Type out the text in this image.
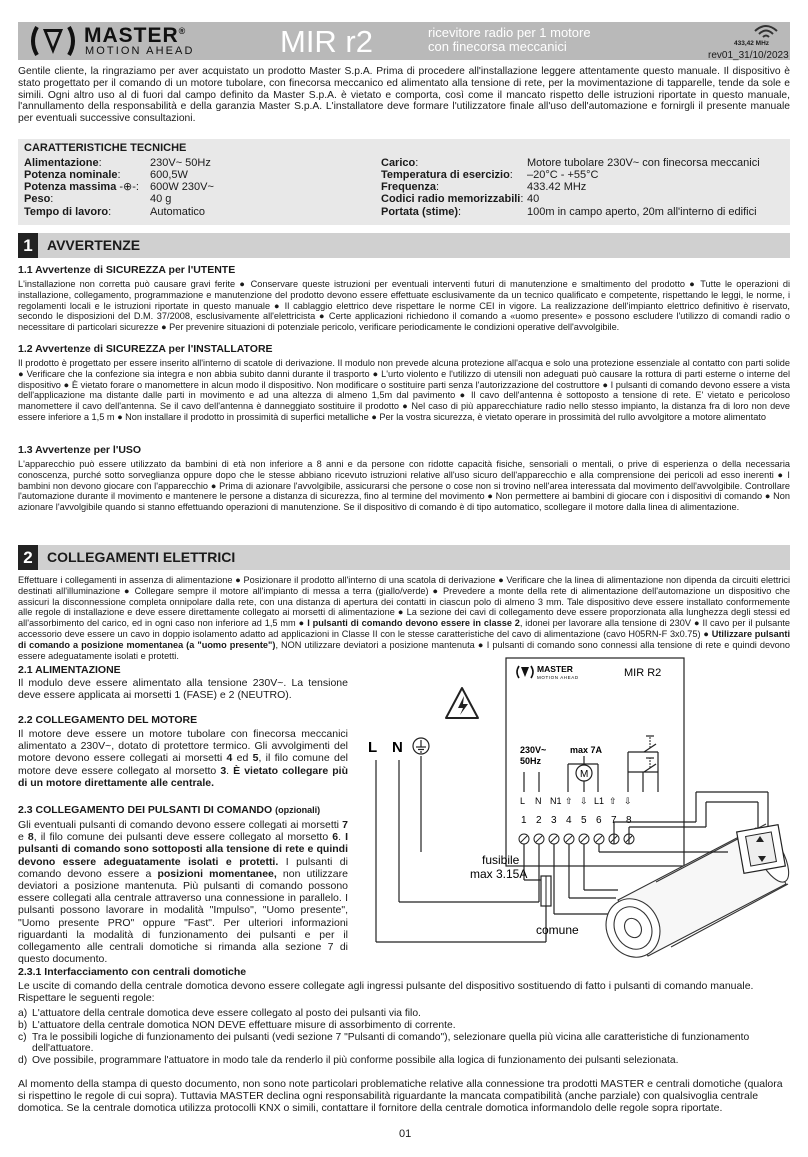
MASTER®
MOTION AHEAD	MIR r2	ricevitore radio per 1 motore
con finecorsa meccanici	433,42 MHz
rev01_31/10/2023
Gentile cliente, la ringraziamo per aver acquistato un prodotto Master S.p.A. Prima di procedere all'installazione leggere attentamente questo manuale. Il dispositivo è stato progettato per il comando di un motore tubolare, con finecorsa meccanico ed alimentato alla tensione di rete, per la movimentazione di tapparelle, tende da sole e simili. Ogni altro uso al di fuori dal campo definito da Master S.p.A. è vietato e comporta, così come il mancato rispetto delle istruzioni riportate in questo manuale, l'annullamento della responsabilità e della garanzia Master S.p.A. L'installatore deve formare l'utilizzatore finale all'uso dell'automazione e fornirgli il presente manuale per eventuali successive consultazioni.
CARATTERISTICHE TECNICHE
Alimentazione:	230V~ 50Hz
Potenza nominale:	600,5W
Potenza massima -⊕-: 600W 230V~
Peso:	40 g
Tempo di lavoro:	Automatico
Carico:	Motore tubolare 230V~ con finecorsa meccanici
Temperatura di esercizio: –20°C - +55°C
Frequenza:	433.42 MHz
Codici radio memorizzabili: 40
Portata (stime):	100m in campo aperto, 20m all'interno di edifici
1	AVVERTENZE
1.1 Avvertenze di SICUREZZA per l'UTENTE
L'installazione non corretta può causare gravi ferite ● Conservare queste istruzioni per eventuali interventi futuri di manutenzione e smaltimento del prodotto ● Tutte le operazioni di installazione, collegamento, programmazione e manutenzione del prodotto devono essere effettuate esclusivamente da un tecnico qualificato e competente, rispettando le leggi, le norme, i regolamenti locali e le istruzioni riportate in questo manuale ● Il cablaggio elettrico deve rispettare le norme CEI in vigore. La realizzazione dell'impianto elettrico definitivo è riservato, secondo le disposizioni del D.M. 37/2008, esclusivamente all'elettricista ● Certe applicazioni richiedono il comando a «uomo presente» e possono escludere l'utilizzo di comandi radio o necessitare di particolari sicurezze ● Per prevenire situazioni di potenziale pericolo, verificare periodicamente le condizioni operative dell'avvolgibile.
1.2 Avvertenze di SICUREZZA per l'INSTALLATORE
Il prodotto è progettato per essere inserito all'interno di scatole di derivazione. Il modulo non prevede alcuna protezione all'acqua e solo una protezione essenziale al contatto con parti solide ● Verificare che la confezione sia integra e non abbia subito danni durante il trasporto ● L'urto violento e l'utilizzo di utensili non adeguati può causare la rottura di parti esterne o interne del dispositivo ● È vietato forare o manomettere in alcun modo il dispositivo. Non modificare o sostituire parti senza l'autorizzazione del costruttore ● I pulsanti di comando devono essere a vista dell'applicazione ma distante dalle parti in movimento e ad una altezza di almeno 1,5m dal pavimento ● Il cavo dell'antenna è sottoposto a tensione di rete. E' vietato e pericoloso manomettere il cavo dell'antenna. Se il cavo dell'antenna è danneggiato sostituire il prodotto ● Nel caso di più apparecchiature radio nello stesso impianto, la distanza fra di loro non deve essere inferiore a 1,5 m ● Non installare il prodotto in prossimità di superfici metalliche ● Per la vostra sicurezza, è vietato operare in prossimità del rullo avvolgitore a motore alimentato
1.3 Avvertenze per l'USO
L'apparecchio può essere utilizzato da bambini di età non inferiore a 8 anni e da persone con ridotte capacità fisiche, sensoriali o mentali, o prive di esperienza o della necessaria conoscenza, purché sotto sorveglianza oppure dopo che le stesse abbiano ricevuto istruzioni relative all'uso sicuro dell'apparecchio e alla comprensione dei pericoli ad esso inerenti ● I bambini non devono giocare con l'apparecchio ● Prima di azionare l'avvolgibile, assicurarsi che persone o cose non si trovino nell'area interessata dal movimento dell'avvolgibile. Controllare l'automazione durante il movimento e mantenere le persone a distanza di sicurezza, fino al termine del movimento ● Non permettere ai bambini di giocare con i dispositivi di comando ● Non azionare l'avvolgibile quando si stanno effettuando operazioni di manutenzione. Se il dispositivo di comando è di tipo automatico, scollegare il motore dalla linea di alimentazione.
2	COLLEGAMENTI ELETTRICI
Effettuare i collegamenti in assenza di alimentazione ● Posizionare il prodotto all'interno di una scatola di derivazione ● Verificare che la linea di alimentazione non dipenda da circuiti elettrici destinati all'illuminazione ● Collegare sempre il motore all'impianto di messa a terra (giallo/verde) ● Prevedere a monte della rete di alimentazione dell'automazione un dispositivo che assicuri la disconnessione completa onnipolare dalla rete, con una distanza di apertura dei contatti in ciascun polo di almeno 3 mm. Tale dispositivo deve essere installato conformemente alle regole di installazione e deve essere direttamente collegato ai morsetti di alimentazione ● La sezione dei cavi di collegamento deve essere proporzionata alla lunghezza degli stessi ed all'assorbimento del carico, ed in ogni caso non inferiore ad 1,5 mm ● I pulsanti di comando devono essere in classe 2, idonei per lavorare alla tensione di 230V ● Il cavo per il pulsante accessorio deve essere un cavo in doppio isolamento adatto ad applicazioni in Classe II con le stesse caratteristiche del cavo di alimentazione (cavo H05RN-F 3x0.75) ● Utilizzare pulsanti di comando a posizione momentanea (a "uomo presente"), NON utilizzare deviatori a posizione mantenuta ● I pulsanti di comando sono connessi alla tensione di rete e quindi devono essere adeguatamente isolati e protetti.
2.1 ALIMENTAZIONE
Il modulo deve essere alimentato alla tensione 230V~. La tensione deve essere applicata ai morsetti 1 (FASE) e 2 (NEUTRO).
2.2 COLLEGAMENTO DEL MOTORE
Il motore deve essere un motore tubolare con finecorsa meccanici alimentato a 230V~, dotato di protettore termico. Gli avvolgimenti del motore devono essere collegati ai morsetti 4 ed 5, il filo comune del motore deve essere collegato al morsetto 3. È vietato collegare più di un motore direttamente alle centrale.
2.3 COLLEGAMENTO DEI PULSANTI DI COMANDO (opzionali)
Gli eventuali pulsanti di comando devono essere collegati ai morsetti 7 e 8, il filo comune dei pulsanti deve essere collegato al morsetto 6. I pulsanti di comando sono sottoposti alla tensione di rete e quindi devono essere adeguatamente isolati e protetti. I pulsanti di comando devono essere a posizioni momentanee, non utilizzare deviatori a posizione mantenuta. Più pulsanti di comando possono essere collegati alla centrale attraverso una connessione in parallelo. I pulsanti possono lavorare in modalità "Impulso", "Uomo presente", "Uomo presente PRO" oppure "Fast". Per ulteriori informazioni riguardanti la modalità di funzionamento dei pulsanti e per il collegamento alle centrali domotiche si rimanda alla sezione 7 di questo documento.
2.3.1 Interfacciamento con centrali domotiche
Le uscite di comando della centrale domotica devono essere collegate agli ingressi pulsante del dispositivo sostituendo di fatto i pulsanti di comando manuale. Rispettare le seguenti regole:
a) L'attuatore della centrale domotica deve essere collegato al posto dei pulsanti via filo.
b) L'attuatore della centrale domotica NON DEVE effettuare misure di assorbimento di corrente.
c) Tra le possibili logiche di funzionamento dei pulsanti (vedi sezione 7 "Pulsanti di comando"), selezionare quella più vicina alle caratteristiche di funzionamento dell'attuatore.
d) Ove possibile, programmare l'attuatore in modo tale da renderlo il più conforme possibile alla logica di funzionamento dei pulsanti selezionata.
Al momento della stampa di questo documento, non sono note particolari problematiche relative alla connessione tra prodotti MASTER e centrali domotiche (qualora si rispettino le regole di cui sopra). Tuttavia MASTER declina ogni responsabilità riguardante la mancata compatibilità (anche parziale) con qualsivoglia centrale domotica. Se la centrale domotica utilizza protocolli KNX o simili, contattare il fornitore della centrale domotica informandolo delle regole sopra riportate.
01
MASTER
MOTION AHEAD	MIR R2
230V~
50Hz
max 7A
M
L N N1 ⇧ ⇩ L1 ⇧ ⇩
1 2 3 4 5 6 7 8
L N
fusibile
max 3.15A
comune
